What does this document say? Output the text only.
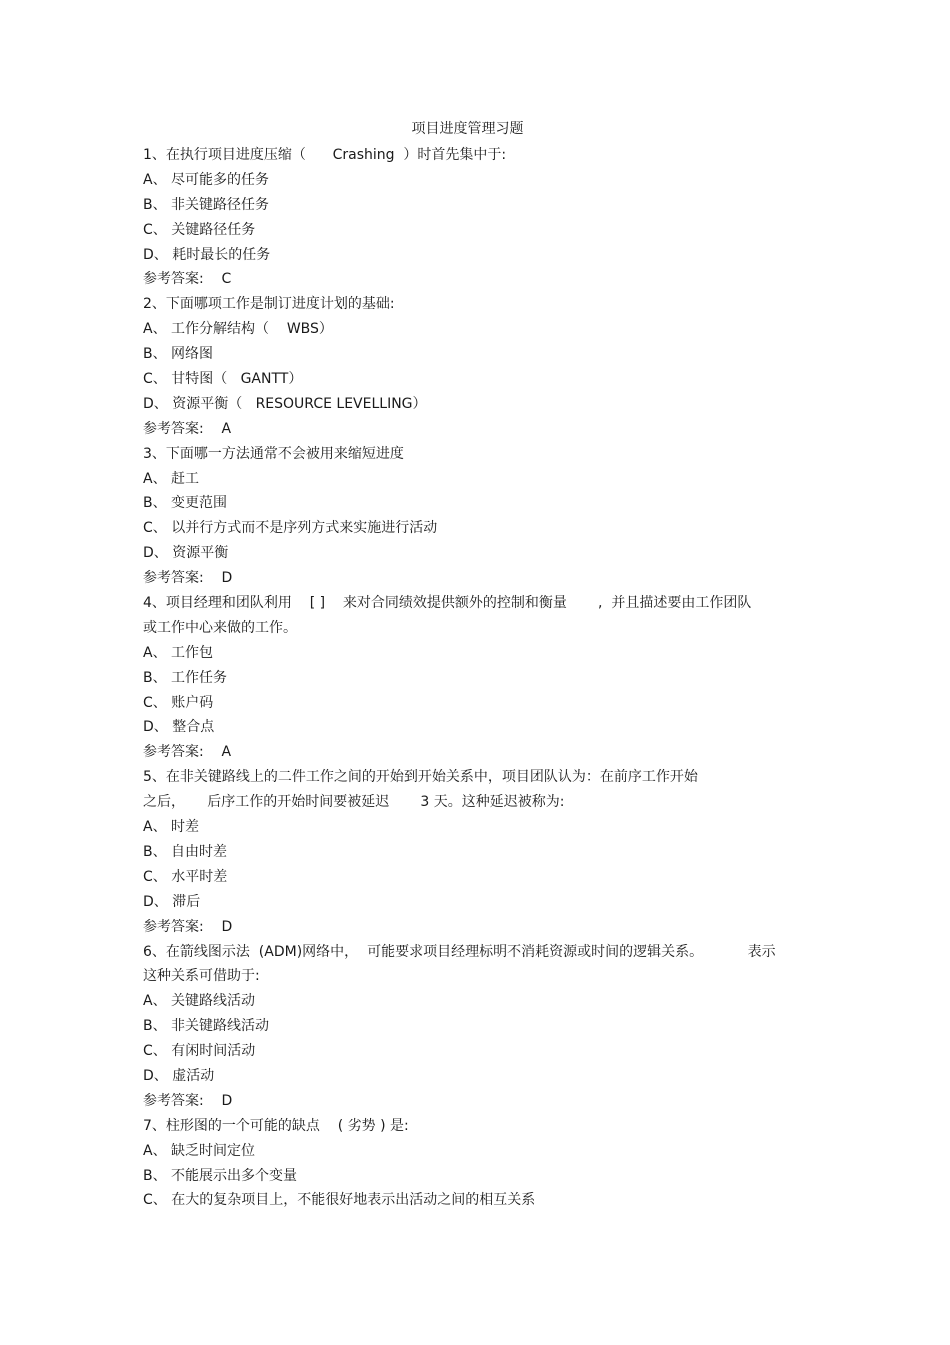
项目进度管理习题
1、在执行项目进度压缩（      Crashing  ）时首先集中于:
A、 尽可能多的任务
B、 非关键路径任务
C、 关键路径任务
D、 耗时最长的任务
参考答案:    C
2、下面哪项工作是制订进度计划的基础:
A、 工作分解结构（    WBS）
B、 网络图
C、 甘特图（   GANTT）
D、 资源平衡（   RESOURCE LEVELLING）
参考答案:    A
3、下面哪一方法通常不会被用来缩短进度
A、 赶工
B、 变更范围
C、 以并行方式而不是序列方式来实施进行活动
D、 资源平衡
参考答案:    D
4、项目经理和团队利用    [ ]    来对合同绩效提供额外的控制和衡量       ,  并且描述要由工作团队
或工作中心来做的工作。
A、 工作包
B、 工作任务
C、 账户码
D、 整合点
参考答案:    A
5、在非关键路线上的二件工作之间的开始到开始关系中，项目团队认为：在前序工作开始
之后，     后序工作的开始时间要被延迟       3 天。这种延迟被称为:
A、 时差
B、 自由时差
C、 水平时差
D、 滞后
参考答案:    D
6、在箭线图示法  (ADM)网络中，  可能要求项目经理标明不消耗资源或时间的逻辑关系。          表示
这种关系可借助于:
A、 关键路线活动
B、 非关键路线活动
C、 有闲时间活动
D、 虚活动
参考答案:    D
7、柱形图的一个可能的缺点    ( 劣势 ) 是:
A、 缺乏时间定位
B、 不能展示出多个变量
C、 在大的复杂项目上，不能很好地表示出活动之间的相互关系
